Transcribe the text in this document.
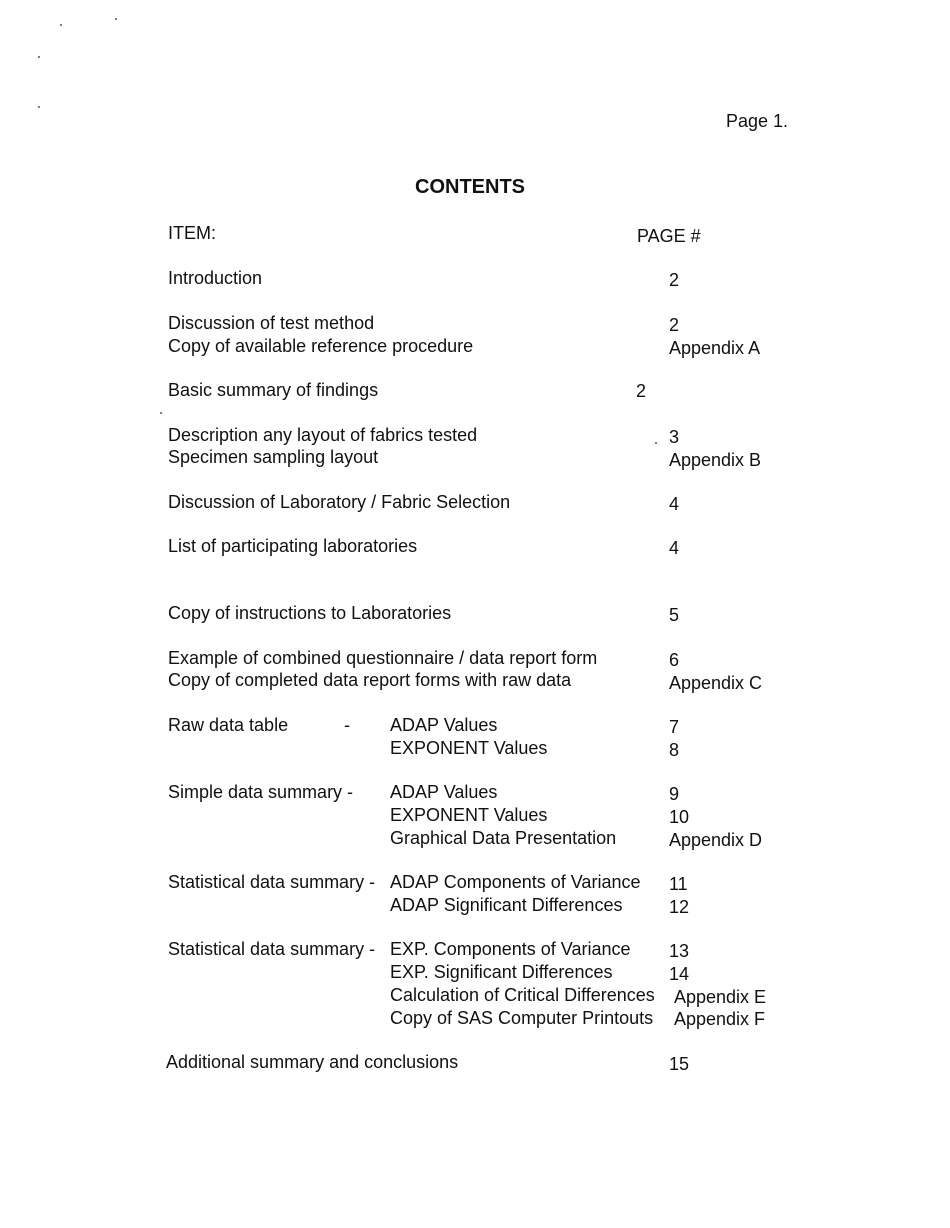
Page 1.
CONTENTS
ITEM:	PAGE #
Introduction	2
Discussion of test method	2
Copy of available reference procedure	Appendix A
Basic summary of findings	2
Description any layout of fabrics tested	3
Specimen sampling layout	Appendix B
Discussion of Laboratory / Fabric Selection	4
List of participating laboratories	4
Copy of instructions to Laboratories	5
Example of combined questionnaire / data report form	6
Copy of completed data report forms with raw data	Appendix C
Raw data table	- ADAP Values	7
EXPONENT Values	8
Simple data summary - ADAP Values	9
EXPONENT Values	10
Graphical Data Presentation	Appendix D
Statistical data summary - ADAP Components of Variance 11
ADAP Significant Differences	12
Statistical data summary - EXP. Components of Variance 13
EXP. Significant Differences	14
Calculation of Critical Differences Appendix E
Copy of SAS Computer Printouts Appendix F
Additional summary and conclusions	15
